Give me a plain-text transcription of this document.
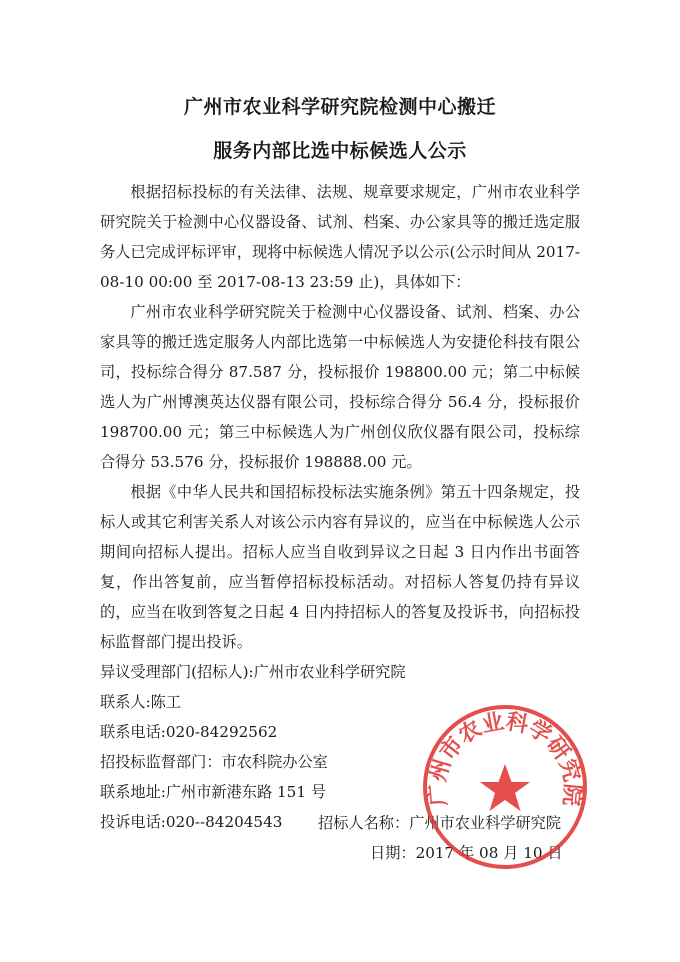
广州市农业科学研究院检测中心搬迁
服务内部比选中标候选人公示

根据招标投标的有关法律、法规、规章要求规定，广州市农业科学研究院关于检测中心仪器设备、试剂、档案、办公家具等的搬迁选定服务人已完成评标评审，现将中标候选人情况予以公示(公示时间从 2017-08-10 00:00 至 2017-08-13 23:59 止)，具体如下：

广州市农业科学研究院关于检测中心仪器设备、试剂、档案、办公家具等的搬迁选定服务人内部比选第一中标候选人为安捷伦科技有限公司，投标综合得分 87.587 分，投标报价 198800.00 元；第二中标候选人为广州博澳英达仪器有限公司，投标综合得分 56.4 分，投标报价 198700.00 元；第三中标候选人为广州创仪欣仪器有限公司，投标综合得分 53.576 分，投标报价 198888.00 元。

根据《中华人民共和国招标投标法实施条例》第五十四条规定，投标人或其它利害关系人对该公示内容有异议的，应当在中标候选人公示期间向招标人提出。招标人应当自收到异议之日起 3 日内作出书面答复，作出答复前，应当暂停招标投标活动。对招标人答复仍持有异议的，应当在收到答复之日起 4 日内持招标人的答复及投诉书，向招标投标监督部门提出投诉。

异议受理部门(招标人):广州市农业科学研究院

联系人:陈工

联系电话:020-84292562

招投标监督部门：市农科院办公室

联系地址:广州市新港东路 151 号

投诉电话:020--84204543	招标人名称：广州市农业科学研究院
日期：2017 年 08 月 10 日
广州市农业科学研究院
